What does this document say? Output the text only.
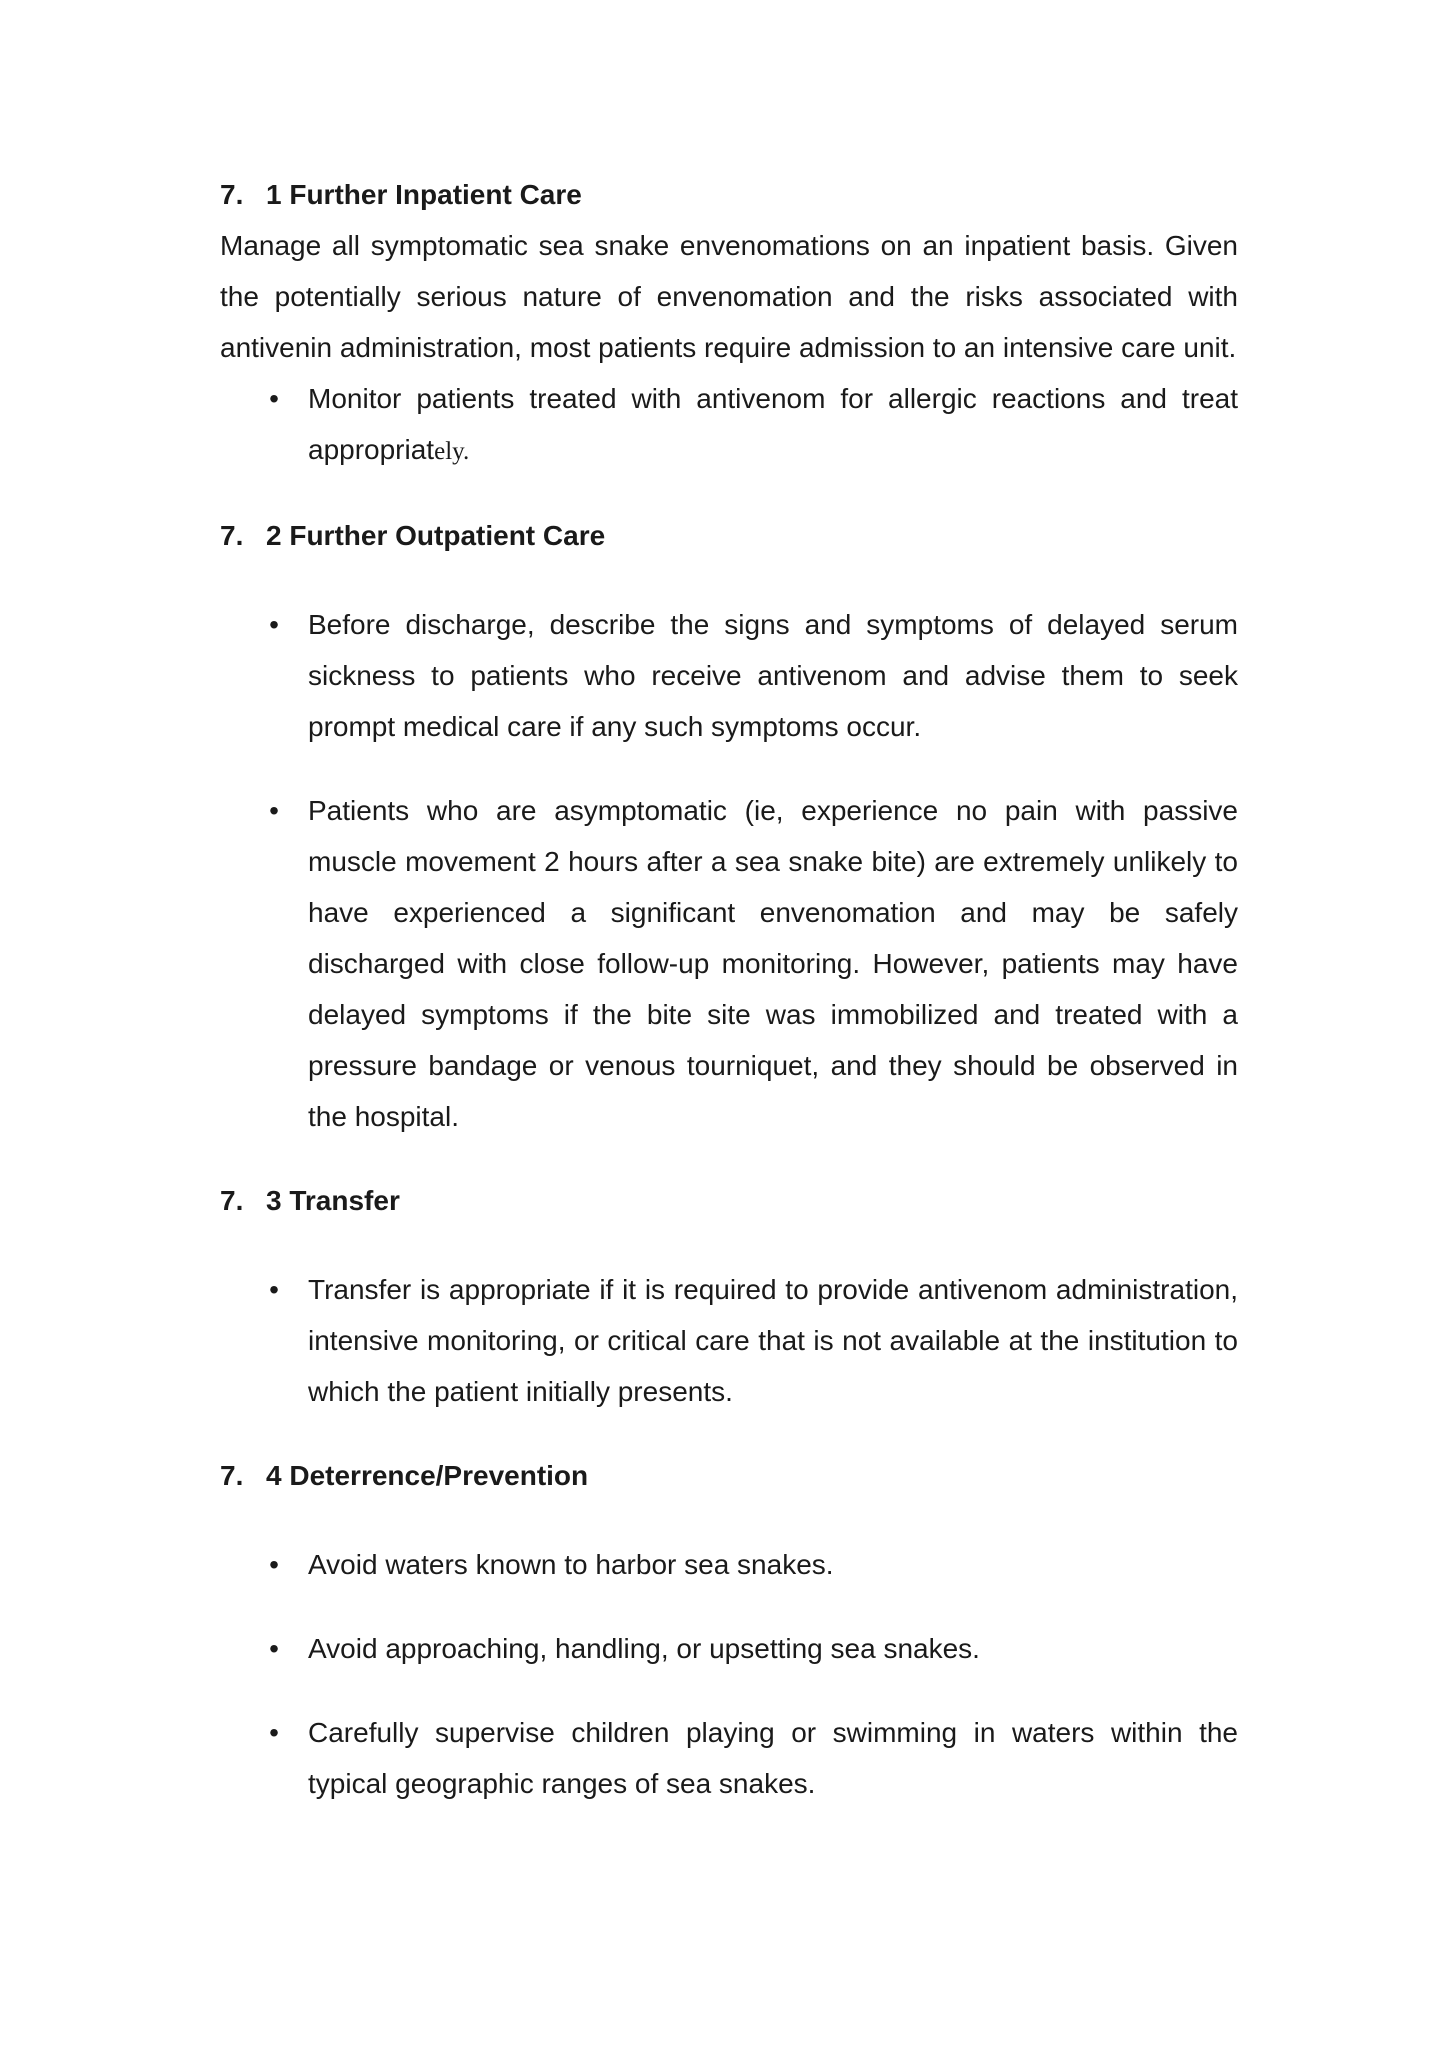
7. 1 Further Inpatient Care

Manage all symptomatic sea snake envenomations on an inpatient basis. Given the potentially serious nature of envenomation and the risks associated with antivenin administration, most patients require admission to an intensive care unit.

• Monitor patients treated with antivenom for allergic reactions and treat appropriately.
7. 2 Further Outpatient Care
• Before discharge, describe the signs and symptoms of delayed serum sickness to patients who receive antivenom and advise them to seek prompt medical care if any such symptoms occur.
• Patients who are asymptomatic (ie, experience no pain with passive muscle movement 2 hours after a sea snake bite) are extremely unlikely to have experienced a significant envenomation and may be safely discharged with close follow-up monitoring. However, patients may have delayed symptoms if the bite site was immobilized and treated with a pressure bandage or venous tourniquet, and they should be observed in the hospital.
7. 3 Transfer
• Transfer is appropriate if it is required to provide antivenom administration, intensive monitoring, or critical care that is not available at the institution to which the patient initially presents.
7. 4 Deterrence/Prevention
• Avoid waters known to harbor sea snakes.
• Avoid approaching, handling, or upsetting sea snakes.
• Carefully supervise children playing or swimming in waters within the typical geographic ranges of sea snakes.
